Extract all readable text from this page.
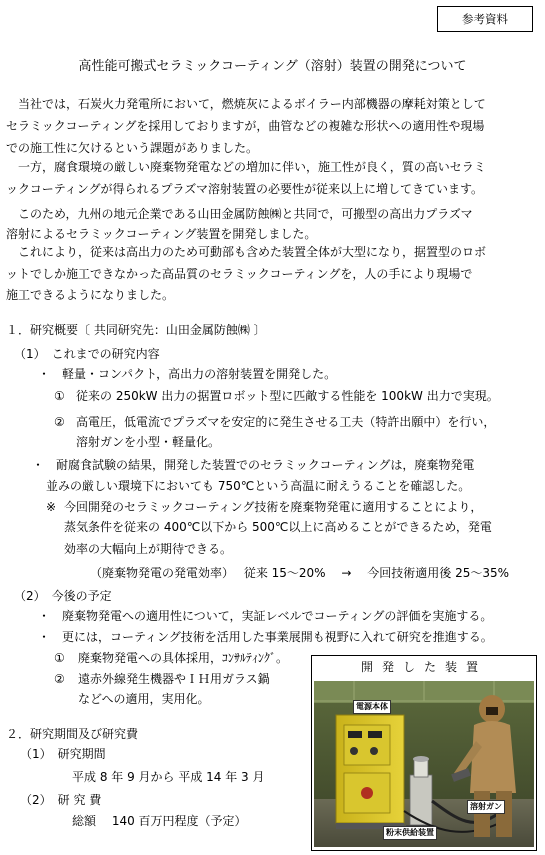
参考資料
高性能可搬式セラミックコーティング（溶射）装置の開発について
　当社では，石炭火力発電所において，燃焼灰によるボイラー内部機器の摩耗対策として
セラミックコーティングを採用しておりますが，曲管などの複雑な形状への適用性や現場
での施工性に欠けるという課題がありました。
　一方，腐食環境の厳しい廃棄物発電などの増加に伴い，施工性が良く，質の高いセラミ
ックコーティングが得られるプラズマ溶射装置の必要性が従来以上に増してきています。
　このため，九州の地元企業である山田金属防蝕㈱と共同で，可搬型の高出力プラズマ
溶射によるセラミックコーティング装置を開発しました。
　これにより，従来は高出力のため可動部も含めた装置全体が大型になり，据置型のロボ
ットでしか施工できなかった高品質のセラミックコーティングを，人の手により現場で
施工できるようになりました。
１．研究概要〔 共同研究先：山田金属防蝕㈱ 〕
（1）　これまでの研究内容
・　軽量・コンパクト，高出力の溶射装置を開発した。
① 従来の 250kW 出力の据置ロボット型に匹敵する性能を 100kW 出力で実現。
② 高電圧，低電流でプラズマを安定的に発生させる工夫（特許出願中）を行い，
溶射ガンを小型・軽量化。
・　耐腐食試験の結果，開発した装置でのセラミックコーティングは，廃棄物発電
並みの厳しい環境下においても 750℃という高温に耐えうることを確認した。
※ 今回開発のセラミックコーティング技術を廃棄物発電に適用することにより，
蒸気条件を従来の 400℃以下から 500℃以上に高めることができるため，発電
効率の大幅向上が期待できる。
（廃棄物発電の発電効率）　 従来 15～20%　 →　 今回技術適用後 25～35%
（2）　今後の予定
・　廃棄物発電への適用性について，実証レベルでコーティングの評価を実施する。
・　更には，コーティング技術を活用した事業展開も視野に入れて研究を推進する。
① 廃棄物発電への具体採用，ｺﾝｻﾙﾃｨﾝｸﾞ。
② 遠赤外線発生機器やＩＨ用ガラス鍋
などへの適用，実用化。
２．研究期間及び研究費
（1）　研究期間
平成 8 年 9 月から 平成 14 年 3 月
（2）　研 究 費
総額　 140 百万円程度（予定）
開発した装置
電源本体
溶射ガン
粉末供給装置
